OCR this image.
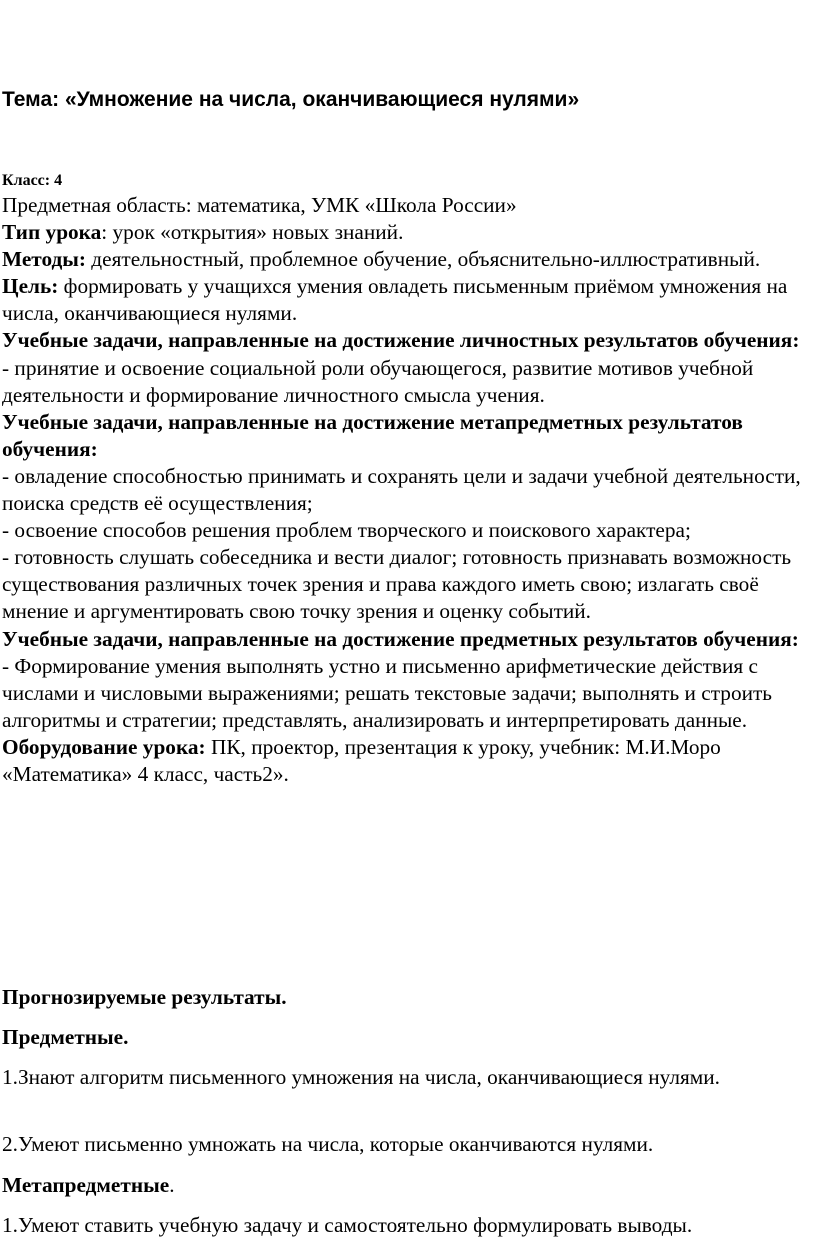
Тема: «Умножение на числа, оканчивающиеся нулями»
Класс: 4

Предметная область: математика, УМК «Школа России»

Тип урока: урок «открытия» новых знаний.

Методы: деятельностный, проблемное обучение, объяснительно-иллюстративный.

Цель: формировать у учащихся умения овладеть письменным приёмом умножения на числа, оканчивающиеся нулями.

Учебные задачи, направленные на достижение личностных результатов обучения:

- принятие и освоение социальной роли обучающегося, развитие мотивов учебной деятельности и формирование личностного смысла учения.

Учебные задачи, направленные на достижение метапредметных результатов обучения:

- овладение способностью принимать и сохранять цели и задачи учебной деятельности, поиска средств её осуществления;

- освоение способов решения проблем творческого и поискового характера;

- готовность слушать собеседника и вести диалог; готовность признавать возможность существования различных точек зрения и права каждого иметь свою; излагать своё мнение и аргументировать свою точку зрения и оценку событий.

Учебные задачи, направленные на достижение предметных результатов обучения:

- Формирование умения выполнять устно и письменно арифметические действия с числами и числовыми выражениями; решать текстовые задачи; выполнять и строить алгоритмы и стратегии; представлять, анализировать и интерпретировать данные.

Оборудование урока: ПК, проектор, презентация к уроку, учебник: М.И.Моро «Математика» 4 класс, часть2».

Прогнозируемые результаты.
Предметные.

1.Знают алгоритм письменного умножения на числа, оканчивающиеся нулями.

2.Умеют письменно умножать на числа, которые оканчиваются нулями.

Метапредметные.

1.Умеют ставить учебную задачу и самостоятельно формулировать выводы.
